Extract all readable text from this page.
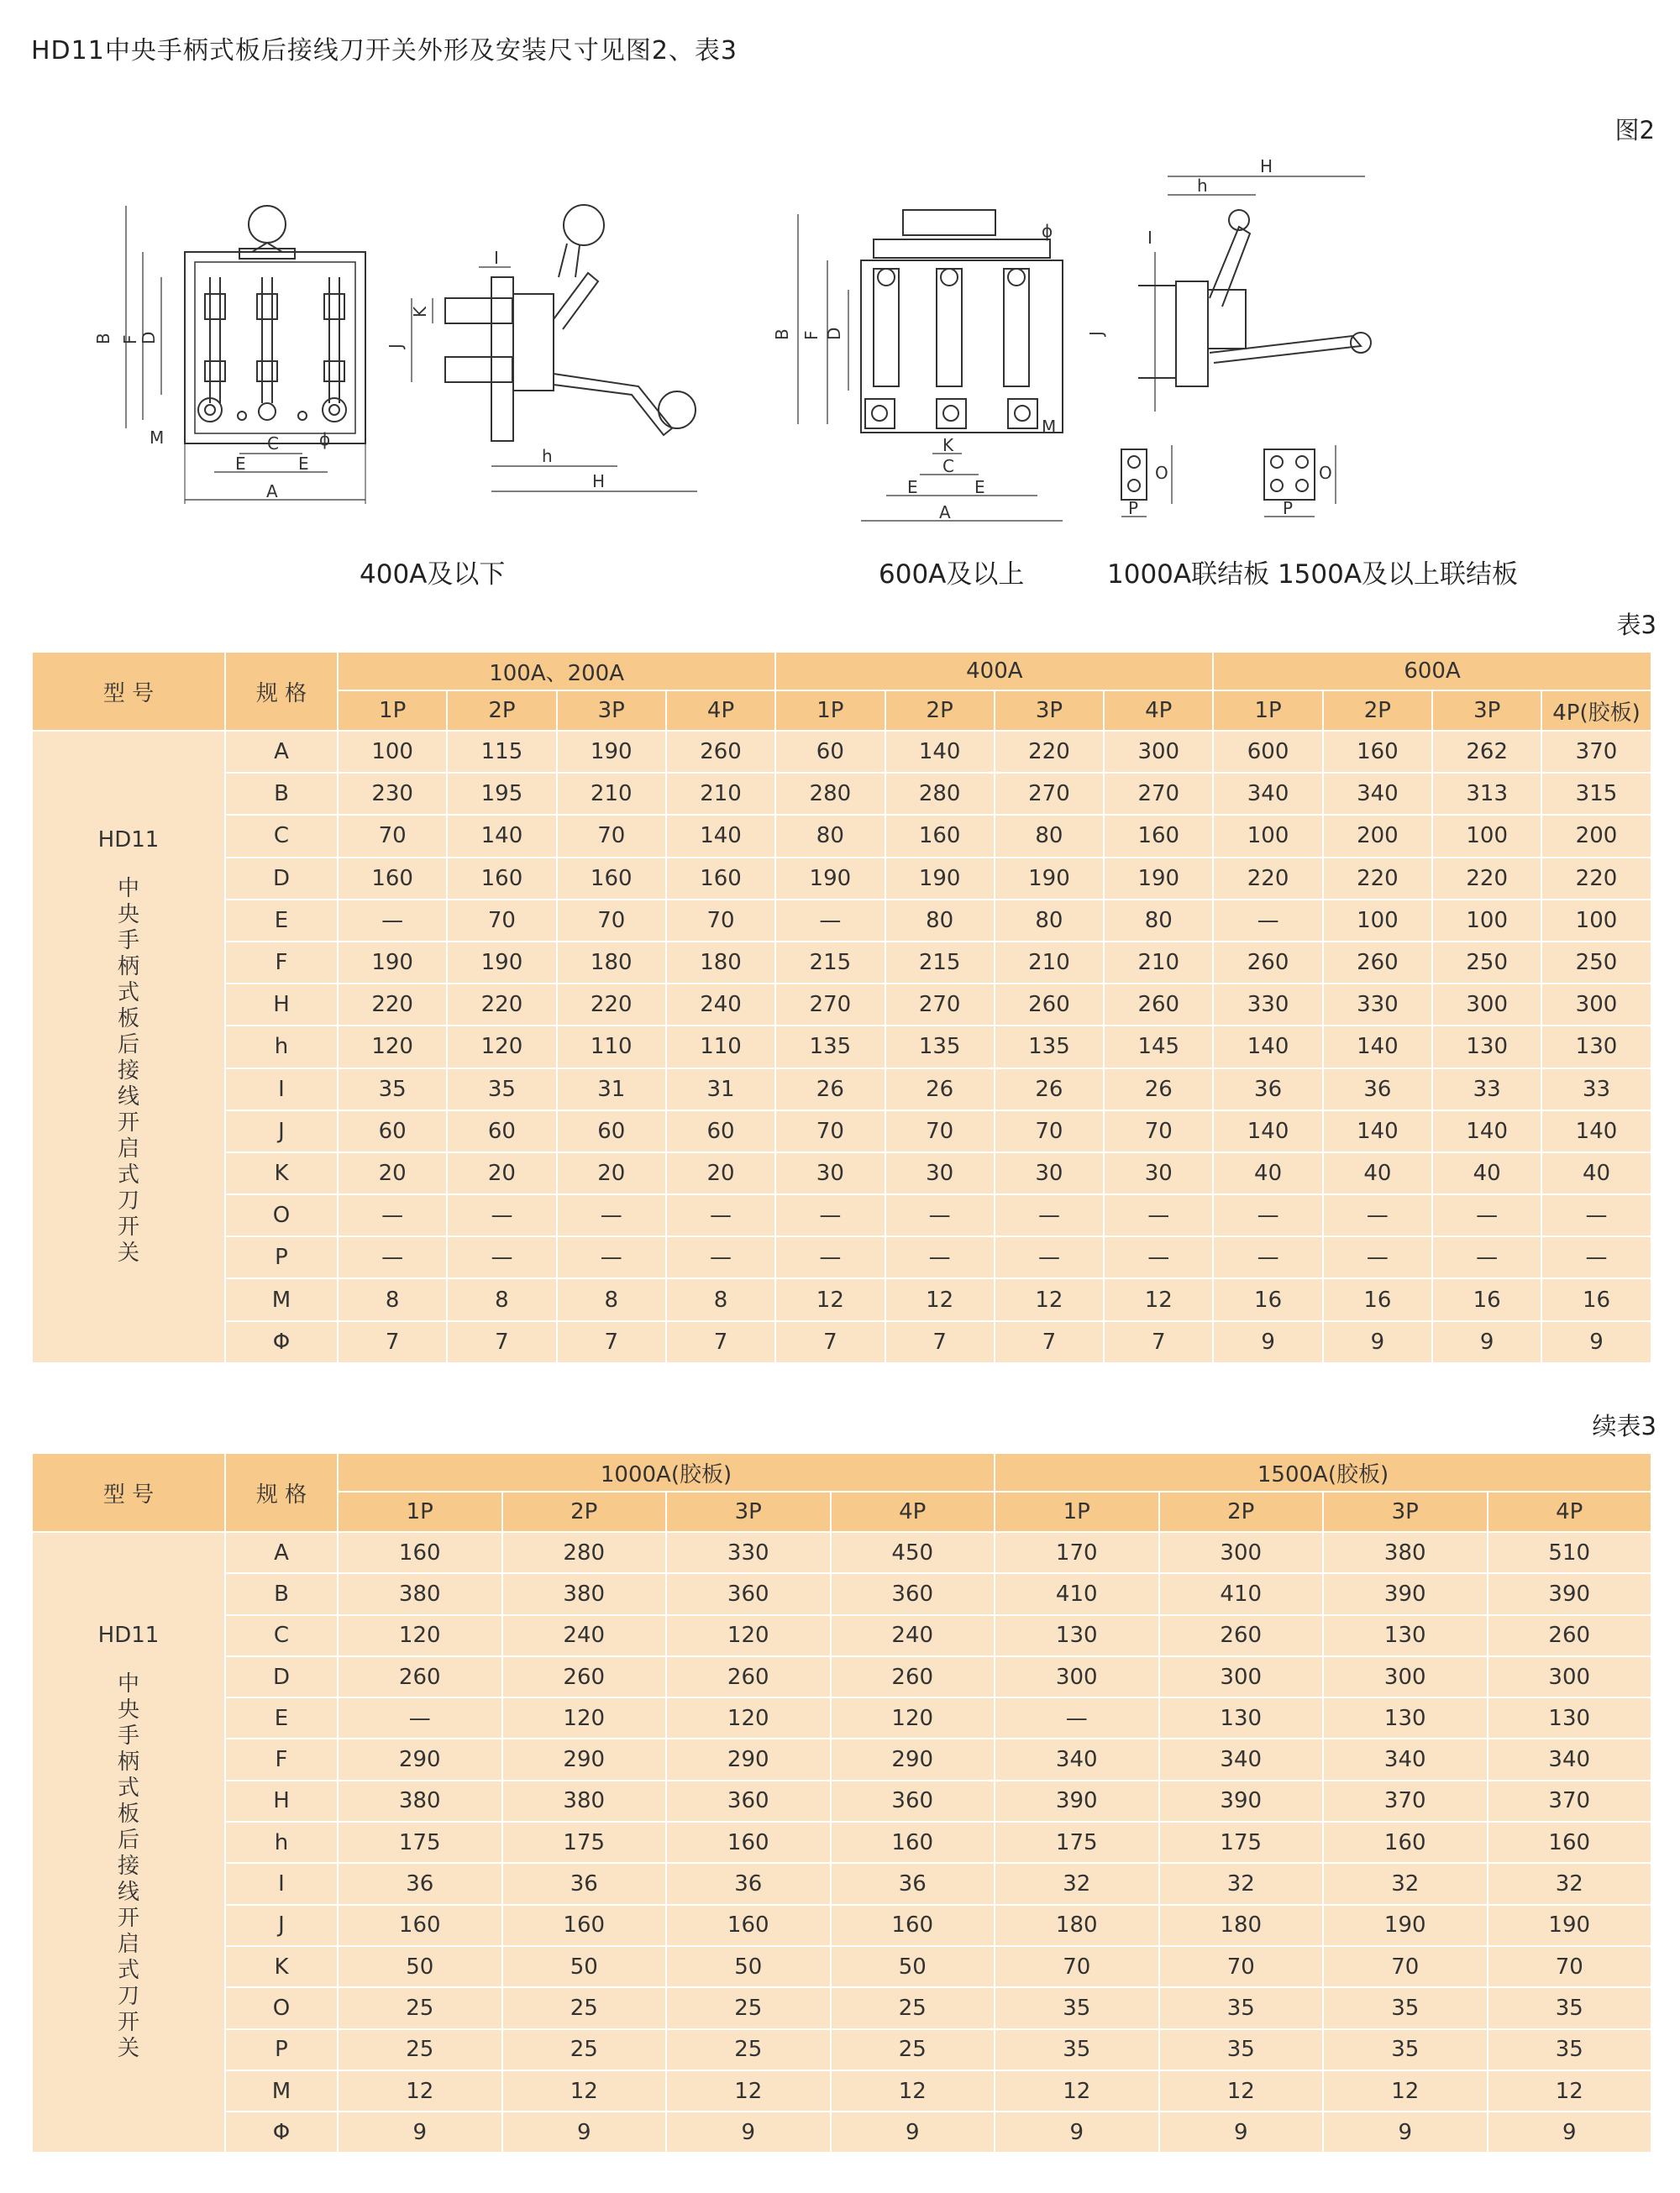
HD11中央手柄式板后接线刀开关外形及安装尺寸见图2、表3
图2
B F
D
A
E	E
C
M	ϕ
J
K
I
h
H
B F D
A
E	E
C
K
M
ϕ
H
h
I
J
P
O
P
O
400A及以下	600A及以上	1000A联结板 1500A及以上联结板
表3
型 号	规 格	100A、200A				400A				600A			
		1P	2P	3P	4P	1P	2P	3P	4P	1P	2P	3P	4P(胶板)

HD11
中央手柄式板后接线开启式刀开关	A	100	115	190	260	60	140	220	300	600	160	262	370
	B	230	195	210	210	280	280	270	270	340	340	313	315
	C	70	140	70	140	80	160	80	160	100	200	100	200
	D	160	160	160	160	190	190	190	190	220	220	220	220
	E	—	70	70	70	—	80	80	80	—	100	100	100
	F	190	190	180	180	215	215	210	210	260	260	250	250
	H	220	220	220	240	270	270	260	260	330	330	300	300
	h	120	120	110	110	135	135	135	145	140	140	130	130
	I	35	35	31	31	26	26	26	26	36	36	33	33
	J	60	60	60	60	70	70	70	70	140	140	140	140
	K	20	20	20	20	30	30	30	30	40	40	40	40
	O	—	—	—	—	—	—	—	—	—	—	—	—
	P	—	—	—	—	—	—	—	—	—	—	—	—
	M	8	8	8	8	12	12	12	12	16	16	16	16
	Φ	7	7	7	7	7	7	7	7	9	9	9	9
续表3
型 号	规 格	1000A(胶板)				1500A(胶板)			
		1P	2P	3P	4P	1P	2P	3P	4P

HD11
中央手柄式板后接线开启式刀开关	A	160	280	330	450	170	300	380	510
	B	380	380	360	360	410	410	390	390
	C	120	240	120	240	130	260	130	260
	D	260	260	260	260	300	300	300	300
	E	—	120	120	120	—	130	130	130
	F	290	290	290	290	340	340	340	340
	H	380	380	360	360	390	390	370	370
	h	175	175	160	160	175	175	160	160
	I	36	36	36	36	32	32	32	32
	J	160	160	160	160	180	180	190	190
	K	50	50	50	50	70	70	70	70
	O	25	25	25	25	35	35	35	35
	P	25	25	25	25	35	35	35	35
	M	12	12	12	12	12	12	12	12
	Φ	9	9	9	9	9	9	9	9
